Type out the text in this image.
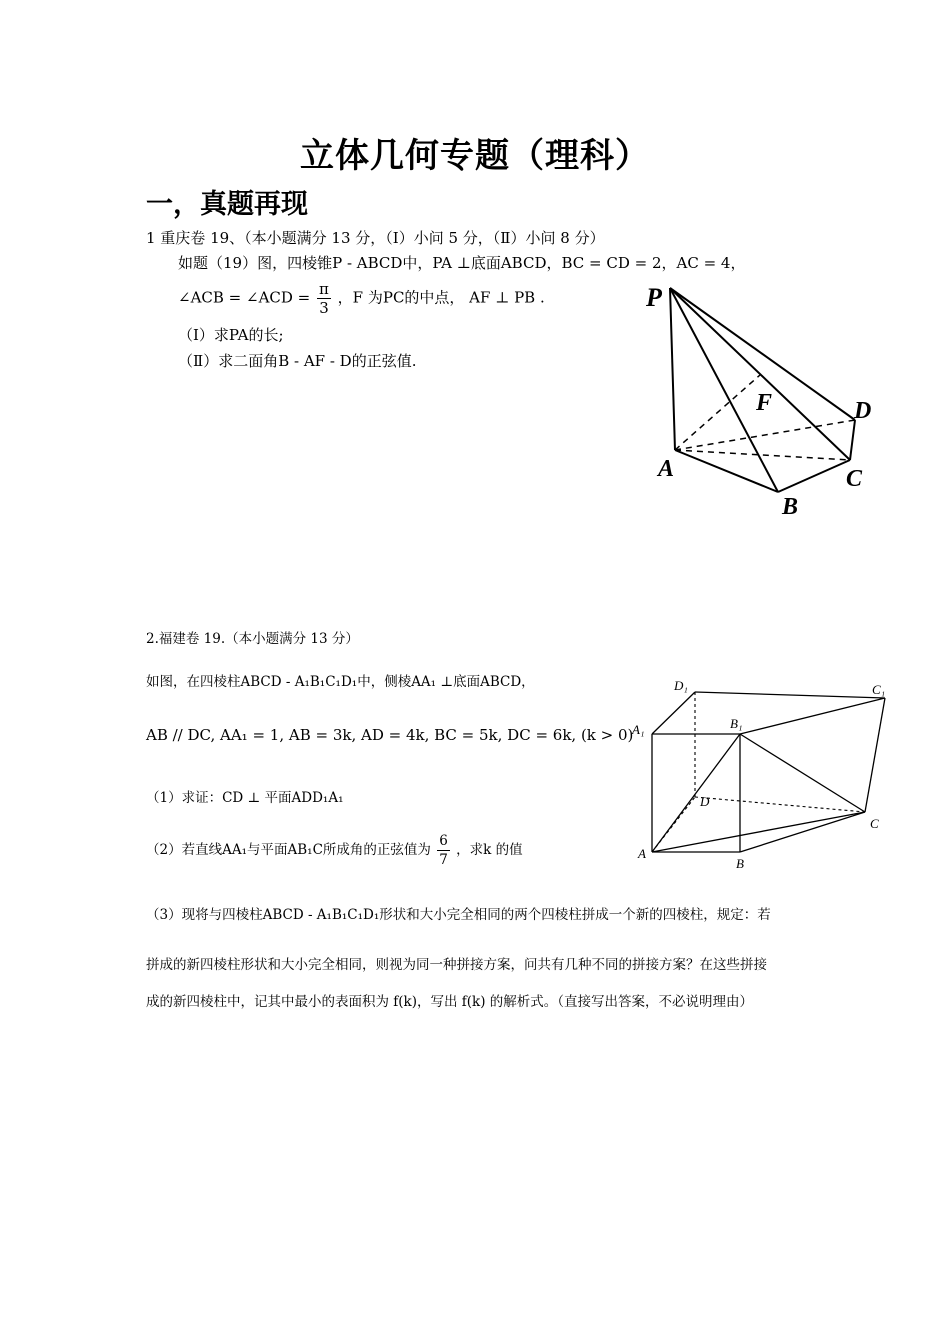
立体几何专题（理科）
一，真题再现
1 重庆卷 19、（本小题满分 13 分，（Ⅰ）小问 5 分，（Ⅱ）小问 8 分）
如题（19）图，四棱锥P - ABCD中，PA ⊥底面ABCD，BC = CD = 2，AC = 4，
∠ACB = ∠ACD = $\frac{\pi}{3}$ ，F 为PC的中点， AF ⊥ PB .
（Ⅰ）求PA的长;
（Ⅱ）求二面角B - AF - D的正弦值.
P
F	D
A	C
B
2.福建卷 19.（本小题满分 13 分）
如图，在四棱柱ABCD - A₁B₁C₁D₁中，侧棱AA₁ ⊥底面ABCD，
AB // DC, AA₁ = 1, AB = 3k, AD = 4k, BC = 5k, DC = 6k, (k > 0)
（1）求证：CD ⊥ 平面ADD₁A₁
（2）若直线AA₁与平面AB₁C所成角的正弦值为 $\frac{6}{7}$ ，求k 的值
（3）现将与四棱柱ABCD - A₁B₁C₁D₁形状和大小完全相同的两个四棱柱拼成一个新的四棱柱，规定：若
拼成的新四棱柱形状和大小完全相同，则视为同一种拼接方案，问共有几种不同的拼接方案？在这些拼接
成的新四棱柱中，记其中最小的表面积为 f(k)，写出 f(k) 的解析式。（直接写出答案，不必说明理由）
D₁	C₁
A₁	B₁
D
C
A
B
